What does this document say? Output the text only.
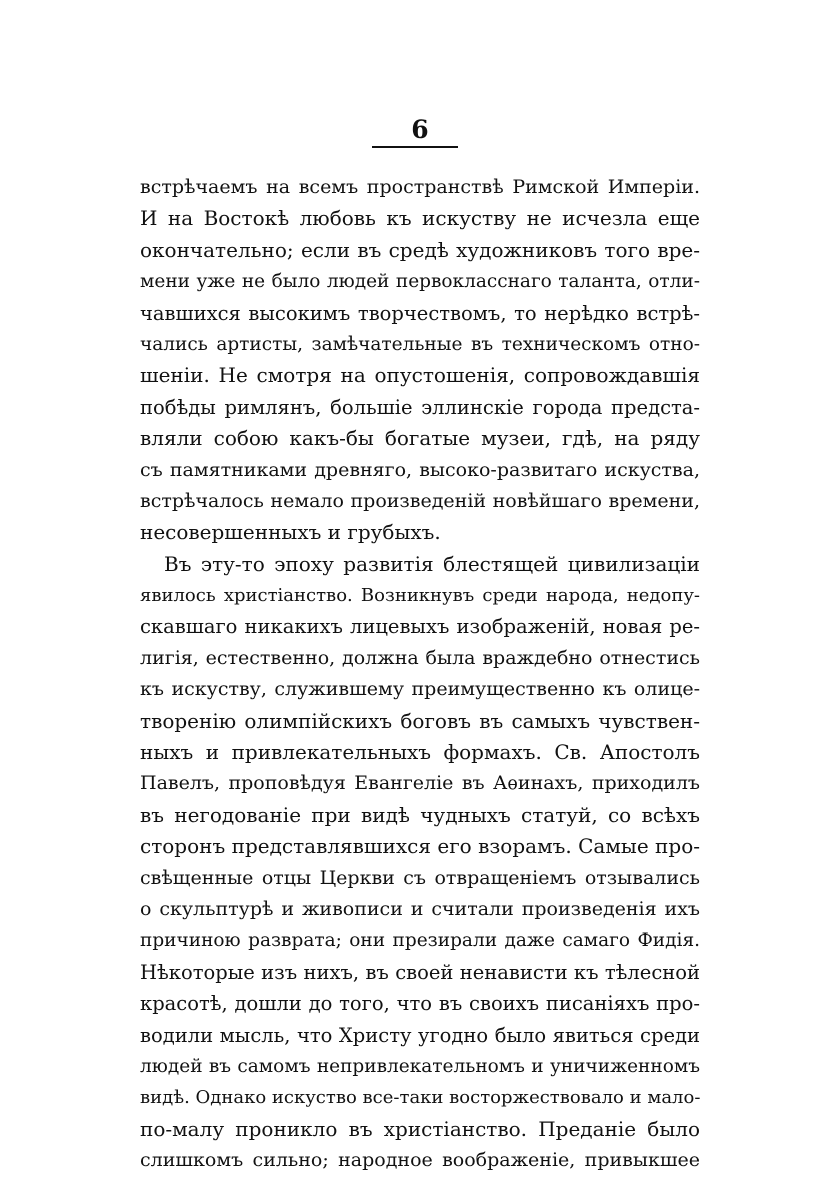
6
встрѣчаемъ на всемъ пространствѣ Римской Имперіи.
И на Востокѣ любовь къ искуству не исчезла еще
окончательно; если въ средѣ художниковъ того вре-
мени уже не было людей первоклаcснаго таланта, отли-
чавшихся высокимъ творчествомъ, то нерѣдко встрѣ-
чались артисты, замѣчательные въ техническомъ отно-
шеніи. Не смотря на опустошенія, сопровождавшія
побѣды римлянъ, большіе эллинскіе города предста-
вляли собою какъ-бы богатые музеи, гдѣ, на ряду
съ памятниками древняго, высоко-развитаго искуства,
встрѣчалось немало произведеній новѣйшаго времени,
несовершенныхъ и грубыхъ.
Въ эту-то эпоху развитія блестящей цивилизаціи
явилось христіанство. Возникнувъ среди народа, недопу-
скавшаго никакихъ лицевыхъ изображеній, новая ре-
лигія, естественно, должна была враждебно отнестись
къ искуству, служившему преимущественно къ олице-
творенію олимпійскихъ боговъ въ самыхъ чувствен-
ныхъ и привлекательныхъ формахъ. Св. Апостолъ
Павелъ, проповѣдуя Евангеліе въ Аѳинахъ, приходилъ
въ негодованіе при видѣ чудныхъ статуй, со всѣхъ
сторонъ представлявшихся его взорамъ. Самые про-
свѣщенные отцы Церкви съ отвращеніемъ отзывались
о скульптурѣ и живописи и считали произведенія ихъ
причиною разврата; они презирали даже самаго Фидія.
Нѣкоторые изъ нихъ, въ своей ненависти къ тѣлесной
красотѣ, дошли до того, что въ своихъ писаніяхъ про-
водили мысль, что Христу угодно было явиться среди
людей въ самомъ непривлекательномъ и уничиженномъ
видѣ. Однако искуство все-таки восторжествовало и мало-
по-малу проникло въ христіанство. Преданіе было
слишкомъ сильно; народное воображеніе, привыкшее
